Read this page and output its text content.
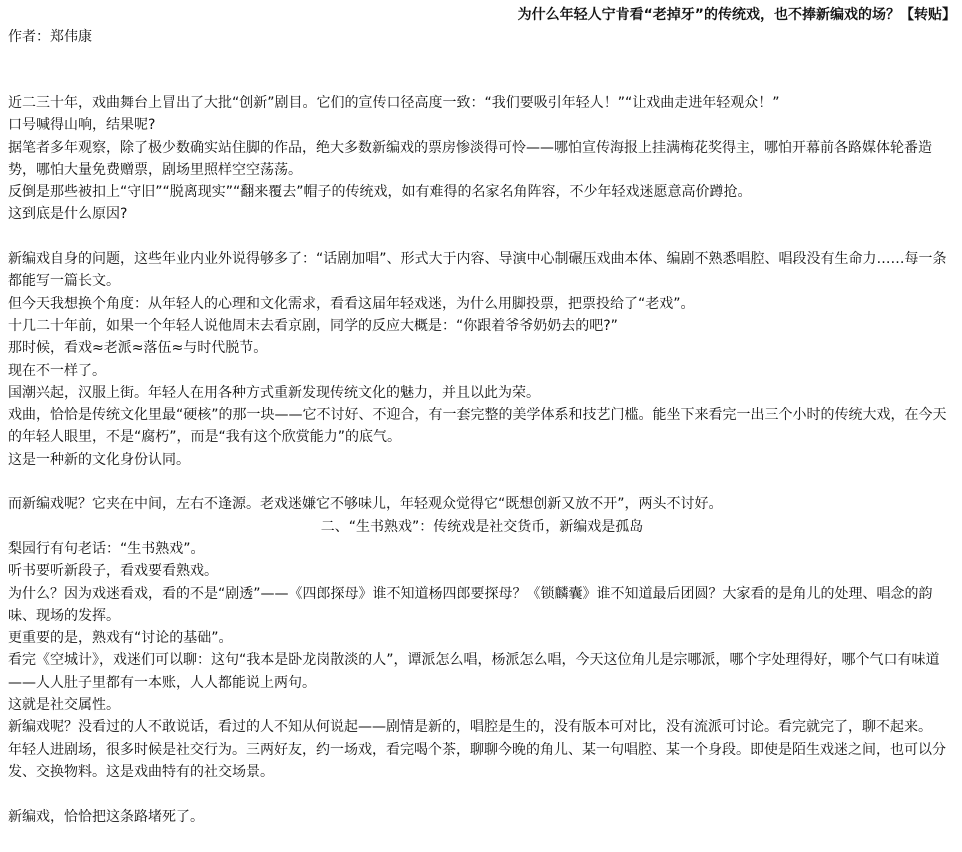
为什么年轻人宁肯看“老掉牙”的传统戏，也不捧新编戏的场？【转贴】
作者：郑伟康
近二三十年，戏曲舞台上冒出了大批“创新”剧目。它们的宣传口径高度一致：“我们要吸引年轻人！”“让戏曲走进年轻观众！”
口号喊得山响，结果呢?
据笔者多年观察，除了极少数确实站住脚的作品，绝大多数新编戏的票房惨淡得可怜——哪怕宣传海报上挂满梅花奖得主，哪怕开幕前各路媒体轮番造势，哪怕大量免费赠票，剧场里照样空空荡荡。
反倒是那些被扣上“守旧”“脱离现实”“翻来覆去”帽子的传统戏，如有难得的名家名角阵容，不少年轻戏迷愿意高价蹲抢。
这到底是什么原因?
新编戏自身的问题，这些年业内业外说得够多了：“话剧加唱”、形式大于内容、导演中心制碾压戏曲本体、编剧不熟悉唱腔、唱段没有生命力……每一条都能写一篇长文。
但今天我想换个角度：从年轻人的心理和文化需求，看看这届年轻戏迷，为什么用脚投票，把票投给了“老戏”。
十几二十年前，如果一个年轻人说他周末去看京剧，同学的反应大概是：“你跟着爷爷奶奶去的吧?”
那时候，看戏≈老派≈落伍≈与时代脱节。
现在不一样了。
国潮兴起，汉服上街。年轻人在用各种方式重新发现传统文化的魅力，并且以此为荣。
戏曲，恰恰是传统文化里最“硬核”的那一块——它不讨好、不迎合，有一套完整的美学体系和技艺门槛。能坐下来看完一出三个小时的传统大戏，在今天的年轻人眼里，不是“腐朽”，而是“我有这个欣赏能力”的底气。
这是一种新的文化身份认同。
而新编戏呢？它夹在中间，左右不逢源。老戏迷嫌它不够味儿，年轻观众觉得它“既想创新又放不开”，两头不讨好。
二、“生书熟戏”：传统戏是社交货币，新编戏是孤岛
梨园行有句老话：“生书熟戏”。
听书要听新段子，看戏要看熟戏。
为什么？因为戏迷看戏，看的不是“剧透”——《四郎探母》谁不知道杨四郎要探母？《锁麟囊》谁不知道最后团圆？大家看的是角儿的处理、唱念的韵味、现场的发挥。
更重要的是，熟戏有“讨论的基础”。
看完《空城计》，戏迷们可以聊：这句“我本是卧龙岗散淡的人”，谭派怎么唱，杨派怎么唱，今天这位角儿是宗哪派，哪个字处理得好，哪个气口有味道——人人肚子里都有一本账，人人都能说上两句。
这就是社交属性。
新编戏呢？没看过的人不敢说话，看过的人不知从何说起——剧情是新的，唱腔是生的，没有版本可对比，没有流派可讨论。看完就完了，聊不起来。
年轻人进剧场，很多时候是社交行为。三两好友，约一场戏，看完喝个茶，聊聊今晚的角儿、某一句唱腔、某一个身段。即使是陌生戏迷之间，也可以分发、交换物料。这是戏曲特有的社交场景。
新编戏，恰恰把这条路堵死了。
